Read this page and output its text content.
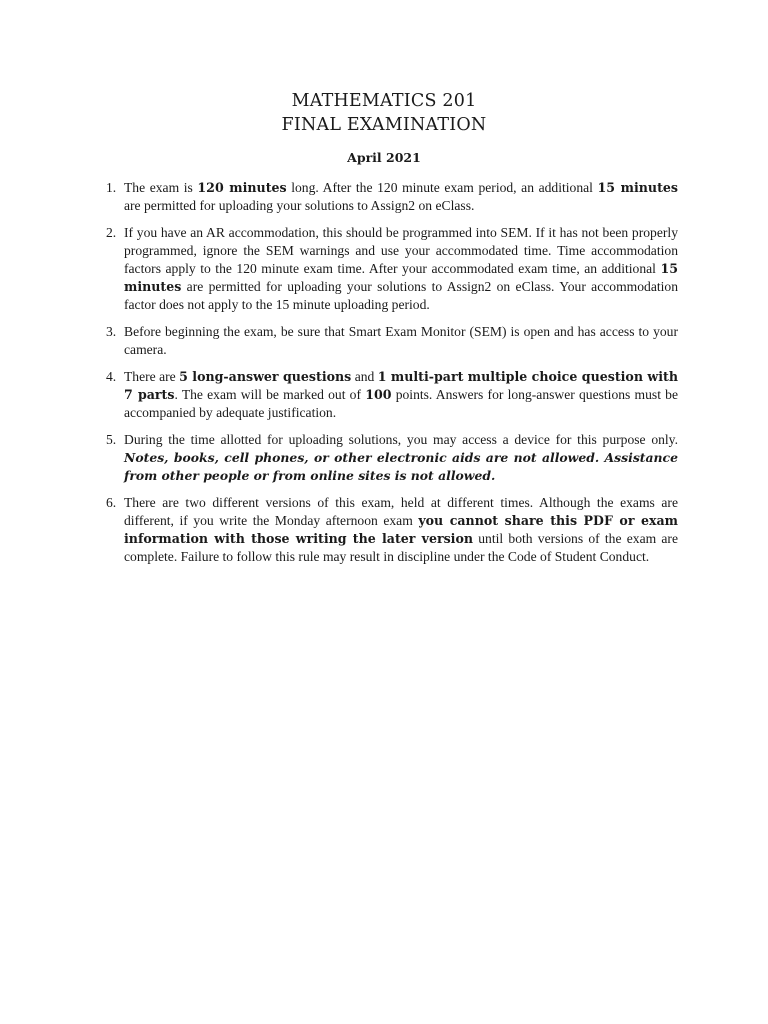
MATHEMATICS 201
FINAL EXAMINATION
April 2021
1. The exam is 120 minutes long. After the 120 minute exam period, an additional 15 minutes are permitted for uploading your solutions to Assign2 on eClass.
2. If you have an AR accommodation, this should be programmed into SEM. If it has not been properly programmed, ignore the SEM warnings and use your accommodated time. Time accommodation factors apply to the 120 minute exam time. After your accommodated exam time, an additional 15 minutes are permitted for uploading your solutions to Assign2 on eClass. Your accommodation factor does not apply to the 15 minute uploading period.
3. Before beginning the exam, be sure that Smart Exam Monitor (SEM) is open and has access to your camera.
4. There are 5 long-answer questions and 1 multi-part multiple choice question with 7 parts. The exam will be marked out of 100 points. Answers for long-answer questions must be accompanied by adequate justification.
5. During the time allotted for uploading solutions, you may access a device for this purpose only. Notes, books, cell phones, or other electronic aids are not allowed. Assistance from other people or from online sites is not allowed.
6. There are two different versions of this exam, held at different times. Although the exams are different, if you write the Monday afternoon exam you cannot share this PDF or exam information with those writing the later version until both versions of the exam are complete. Failure to follow this rule may result in discipline under the Code of Student Conduct.
